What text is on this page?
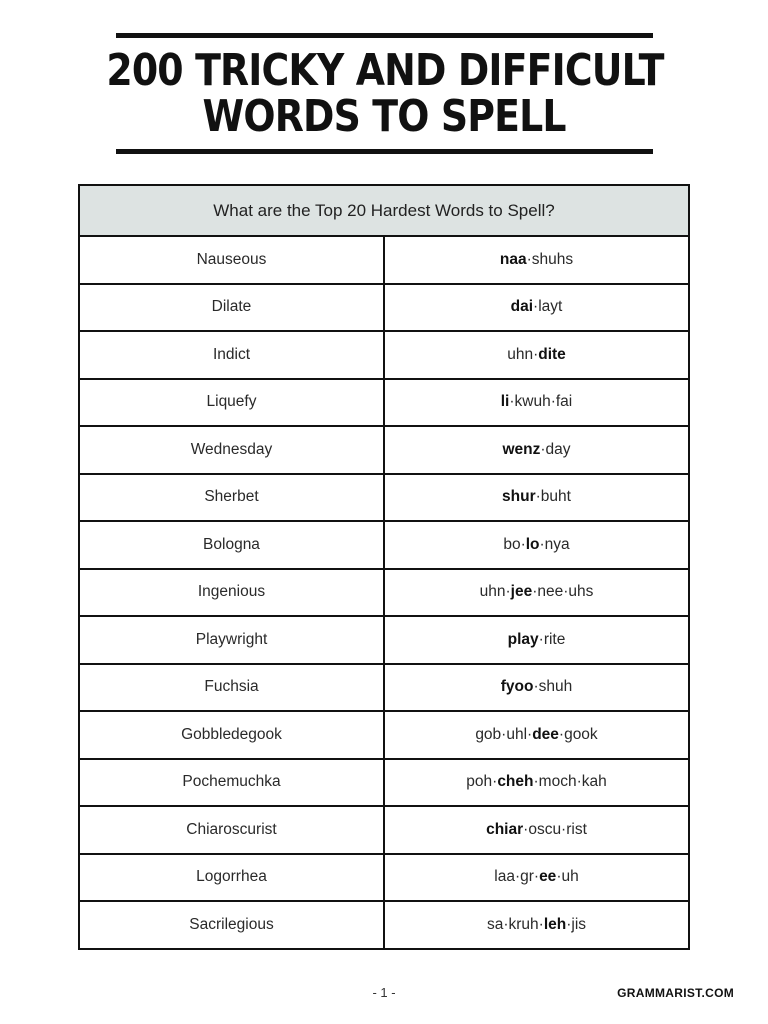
200 TRICKY AND DIFFICULT
WORDS TO SPELL
What are the Top 20 Hardest Words to Spell?	
Nauseous	naa·shuhs
Dilate	dai·layt
Indict	uhn·dite
Liquefy	li·kwuh·fai
Wednesday	wenz·day
Sherbet	shur·buht
Bologna	bo·lo·nya
Ingenious	uhn·jee·nee·uhs
Playwright	play·rite
Fuchsia	fyoo·shuh
Gobbledegook	gob·uhl·dee·gook
Pochemuchka	poh·cheh·moch·kah
Chiaroscurist	chiar·oscu·rist
Logorrhea	laa·gr·ee·uh
Sacrilegious	sa·kruh·leh·jis
- 1 -	GRAMMARIST.COM
